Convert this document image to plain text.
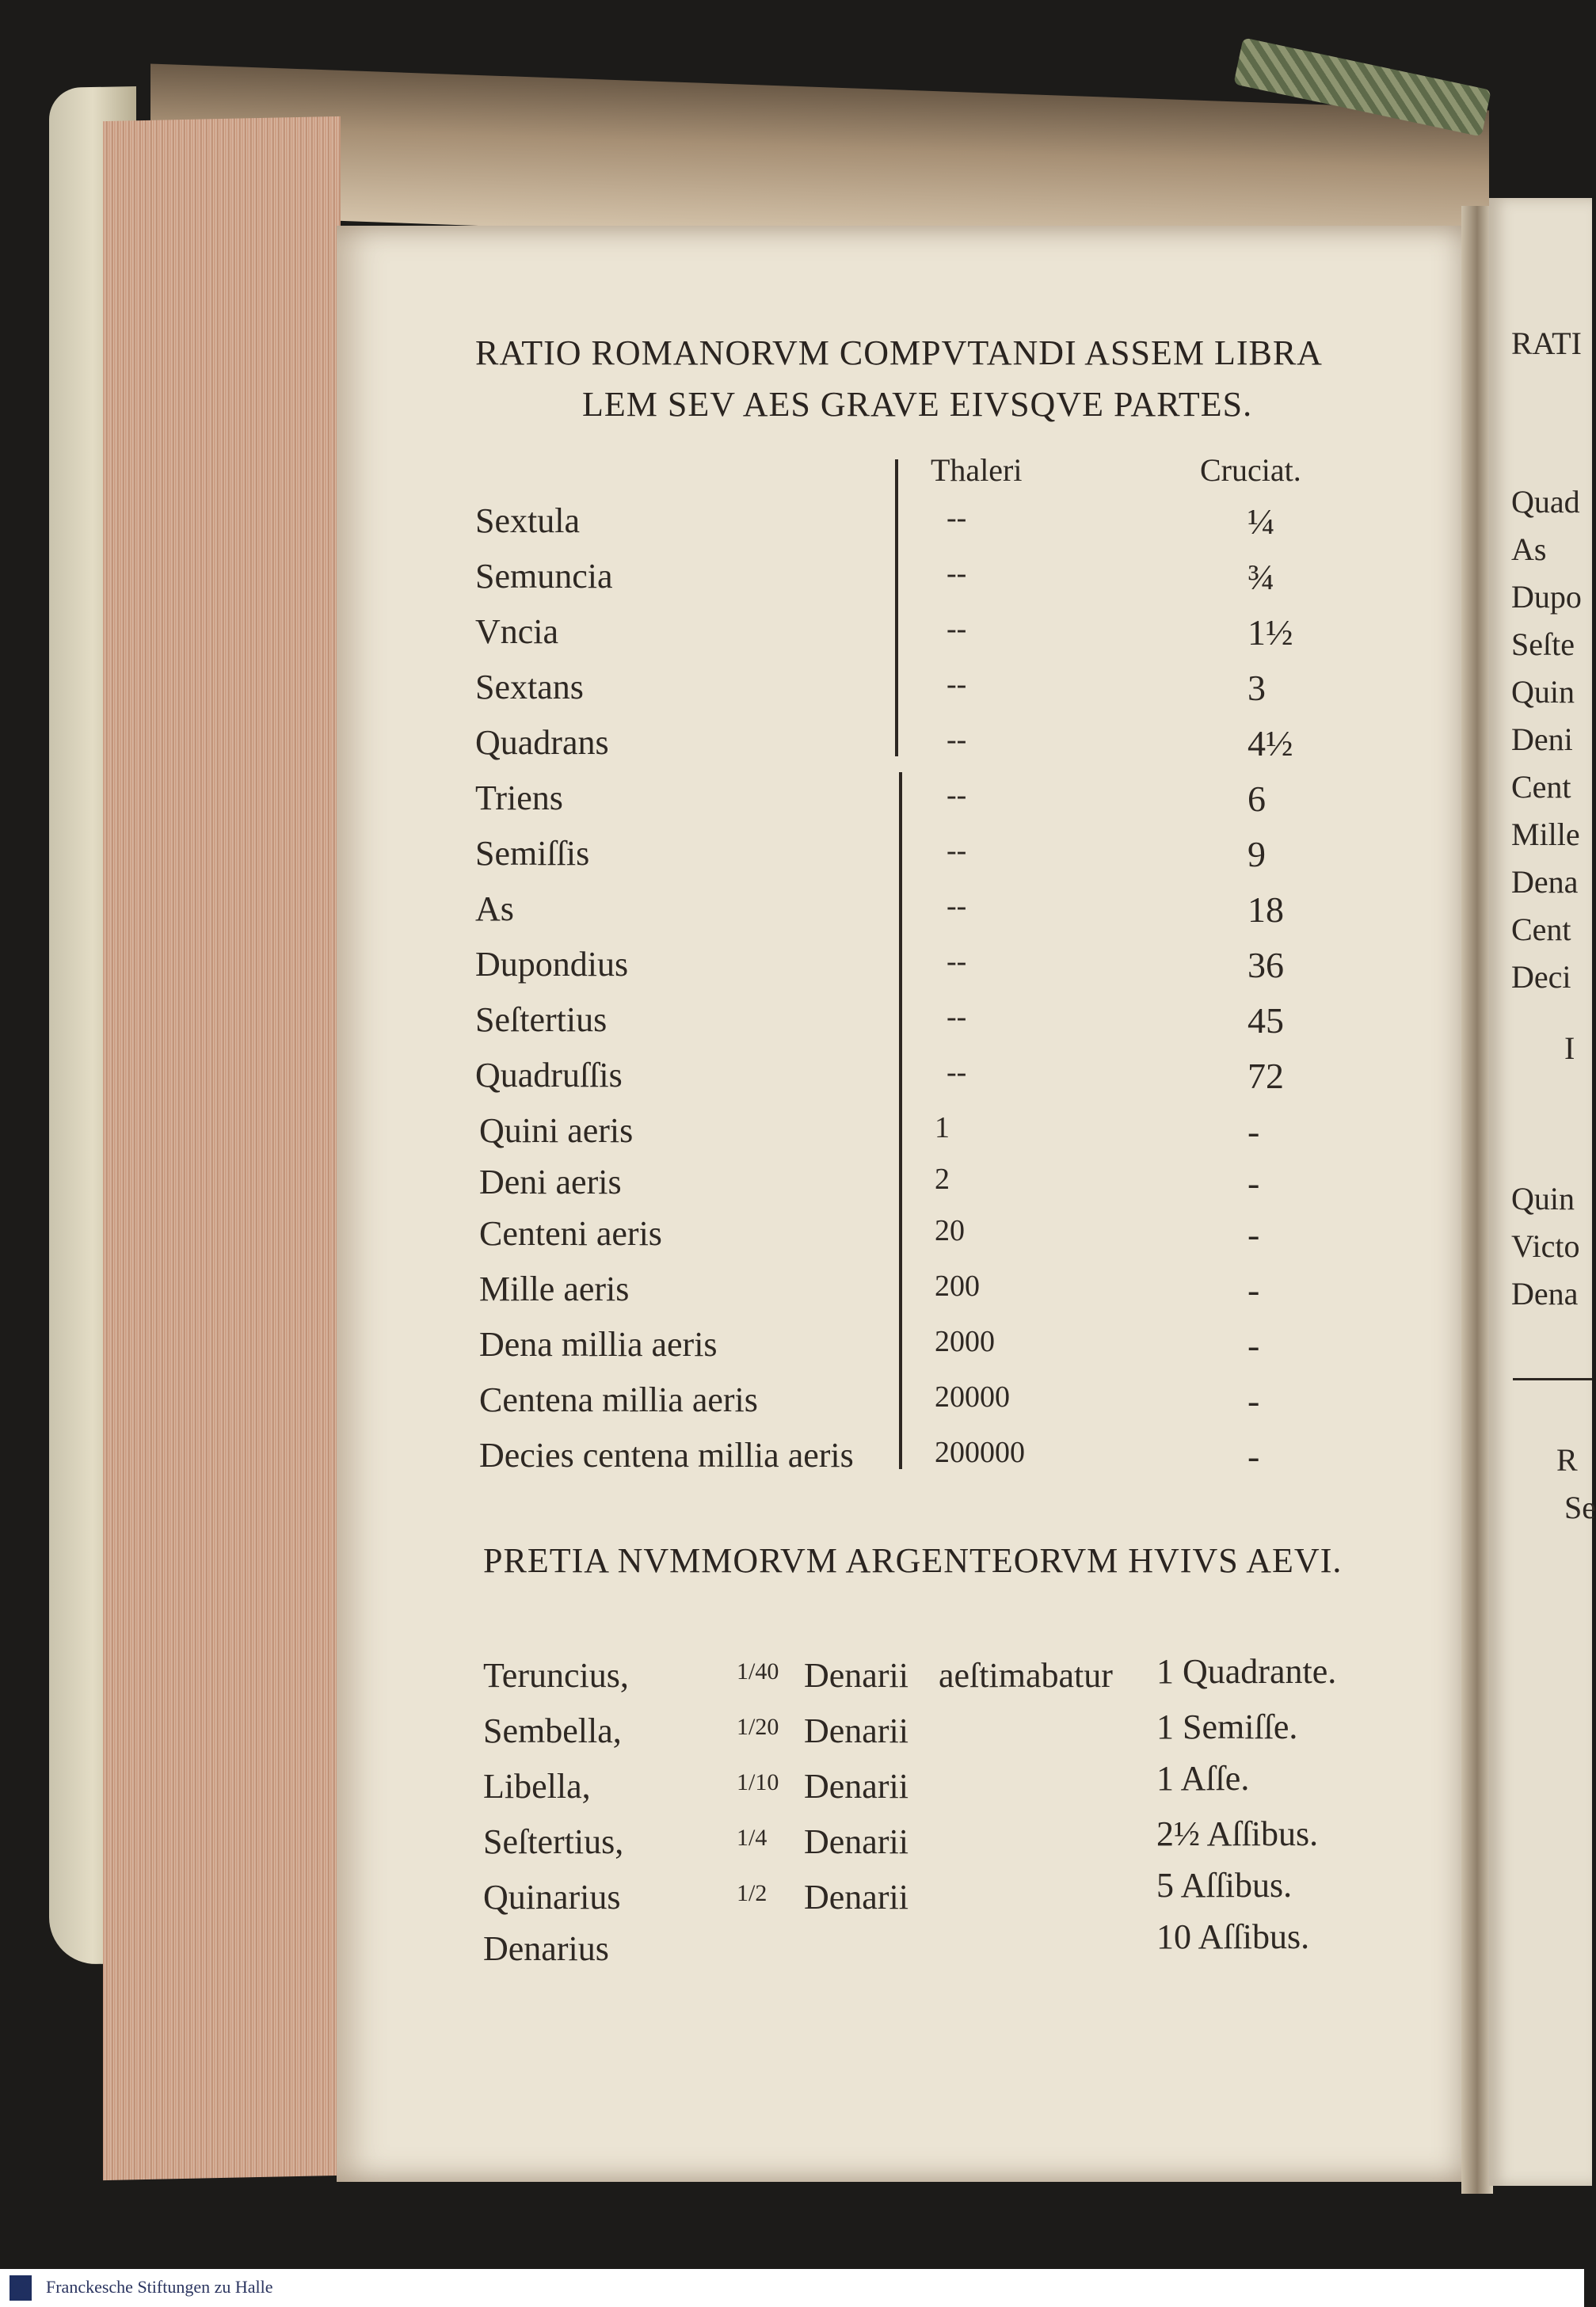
RATIO ROMANORVM COMPVTANDI ASSEM LIBRA
LEM SEV AES GRAVE EIVSQVE PARTES.
Thaleri	Cruciat.
Sextula	--	¼
Semuncia	--	¾
Vncia	--	1½
Sextans	--	3
Quadrans	--	4½
Triens	--	6
Semiſſis	--	9
As	--	18
Dupondius	--	36
Seſtertius	--	45
Quadruſſis	--	72
Quini aeris	1	-
Deni aeris	2	-
Centeni aeris	20	-
Mille aeris	200	-
Dena millia aeris	2000	-
Centena millia aeris	20000	-
Decies centena millia aeris	200000	-
PRETIA NVMMORVM ARGENTEORVM HVIVS AEVI.
Teruncius,	1/40 Denarii aeſtimabatur 1 Quadrante.
Sembella,	1/20 Denarii	1 Semiſſe.
Libella,	1/10 Denarii	1 Aſſe.
Seſtertius,	1/4 Denarii	2½ Aſſibus.
Quinarius	1/2 Denarii	5 Aſſibus.
Denarius	10 Aſſibus.
RATI
Quad
As
Dupo
Seſte
Quin
Deni
Cent
Mille
Dena
Cent
Deci
I
Quin
Victo
Dena
R
Se
Franckesche Stiftungen zu Halle
